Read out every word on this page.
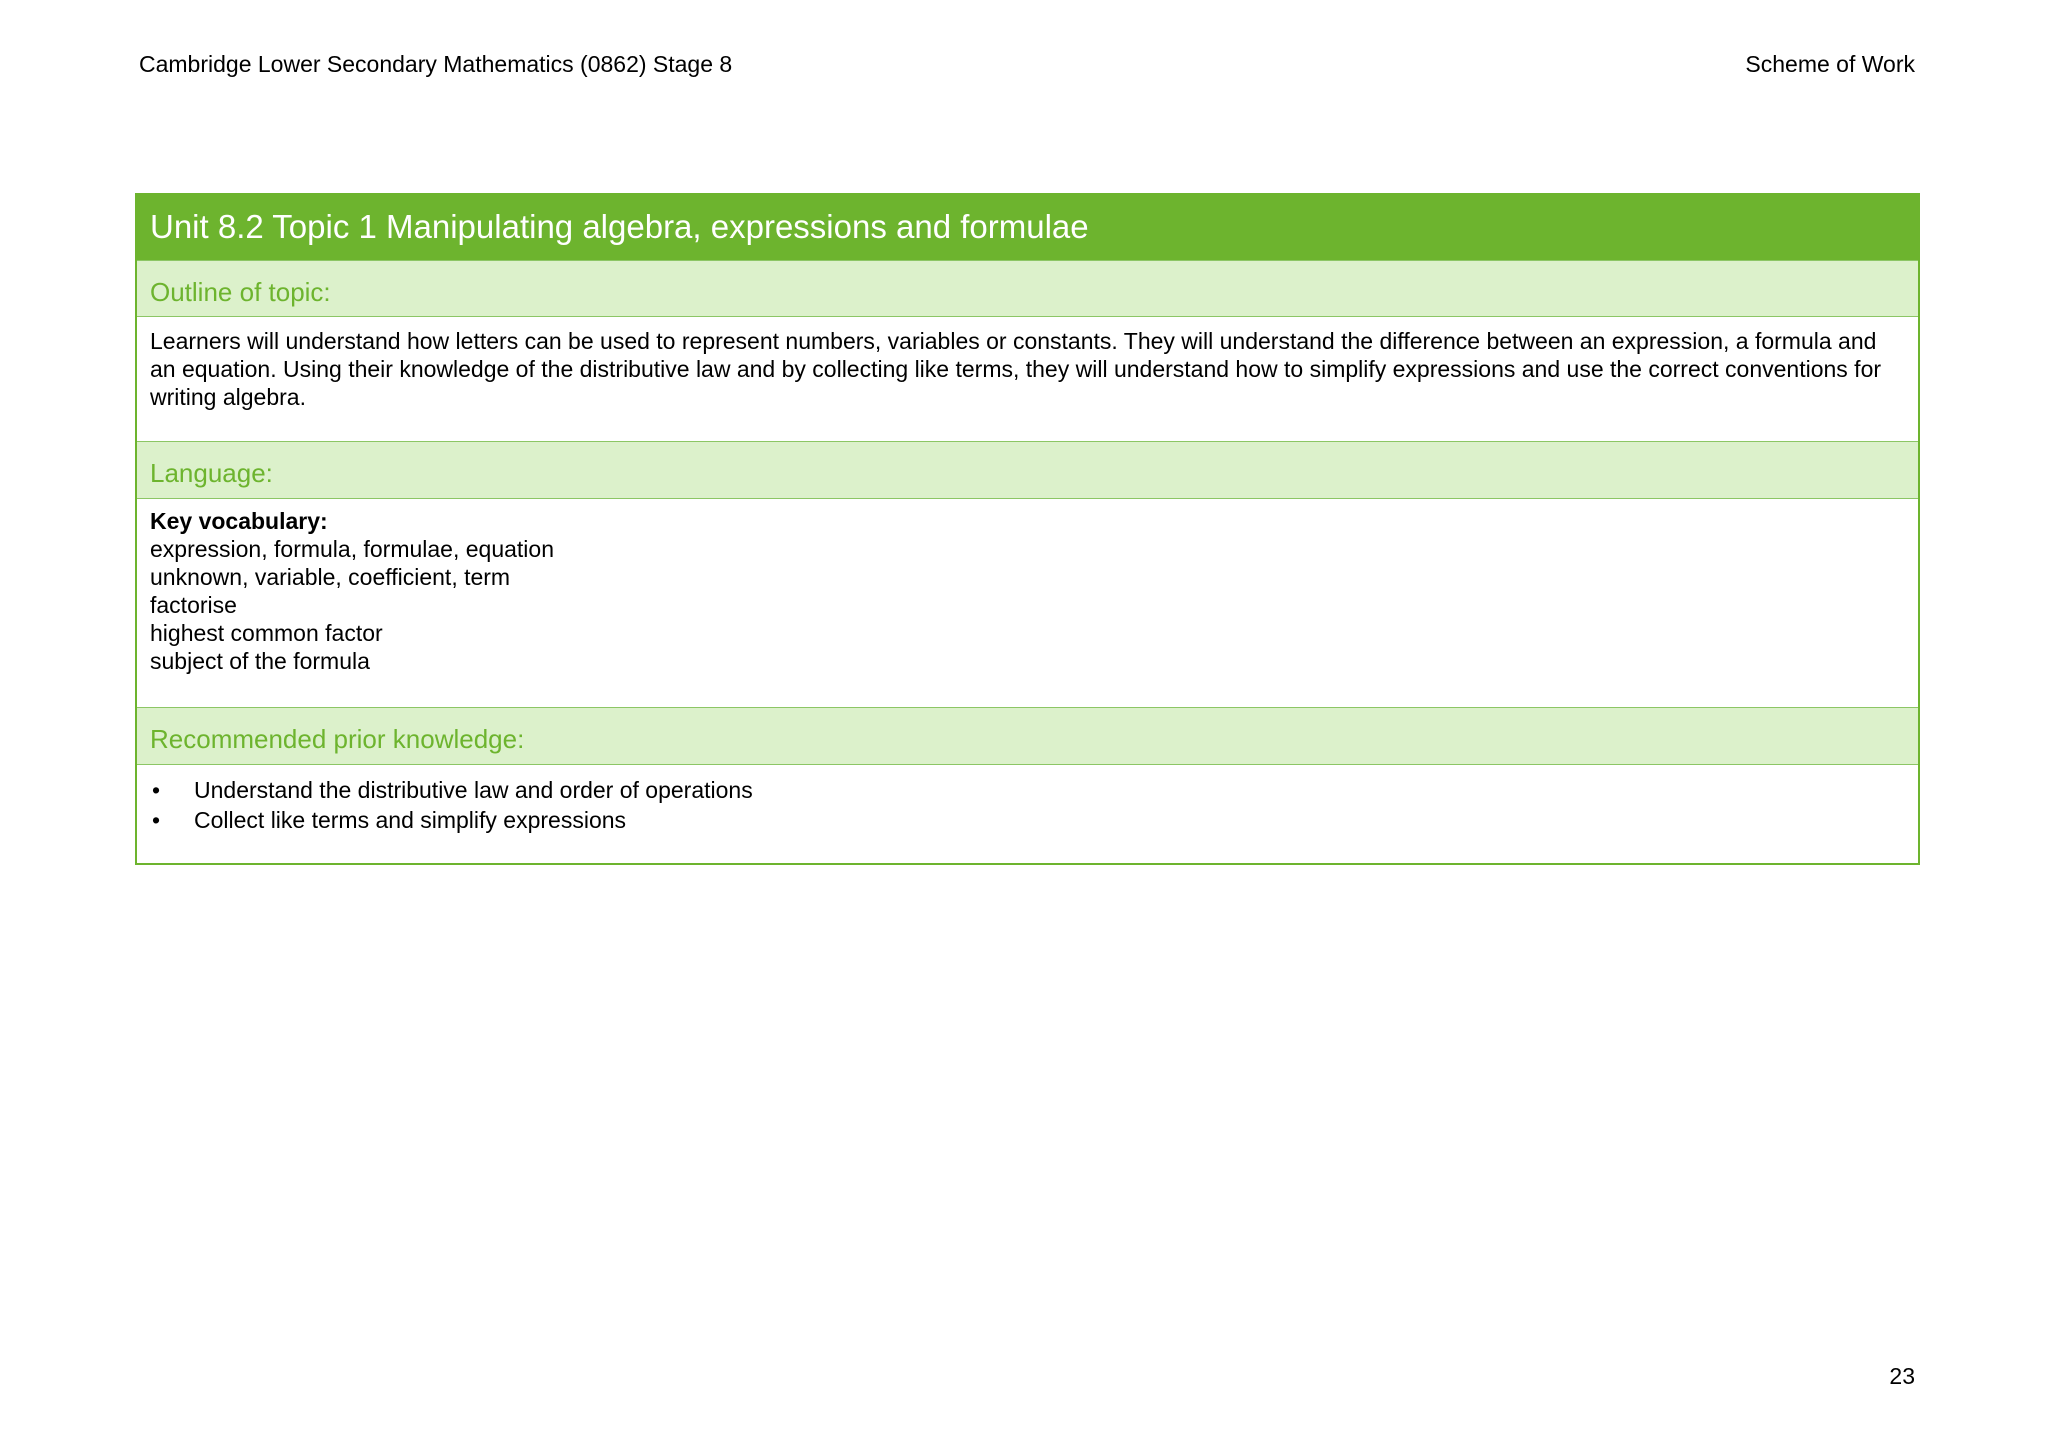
Cambridge Lower Secondary Mathematics (0862) Stage 8	Scheme of Work
Unit 8.2 Topic 1 Manipulating algebra, expressions and formulae
Outline of topic:
Learners will understand how letters can be used to represent numbers, variables or constants. They will understand the difference between an expression, a formula and an equation. Using their knowledge of the distributive law and by collecting like terms, they will understand how to simplify expressions and use the correct conventions for writing algebra.
Language:
Key vocabulary:
expression, formula, formulae, equation
unknown, variable, coefficient, term
factorise
highest common factor
subject of the formula
Recommended prior knowledge:
• Understand the distributive law and order of operations
• Collect like terms and simplify expressions
23
